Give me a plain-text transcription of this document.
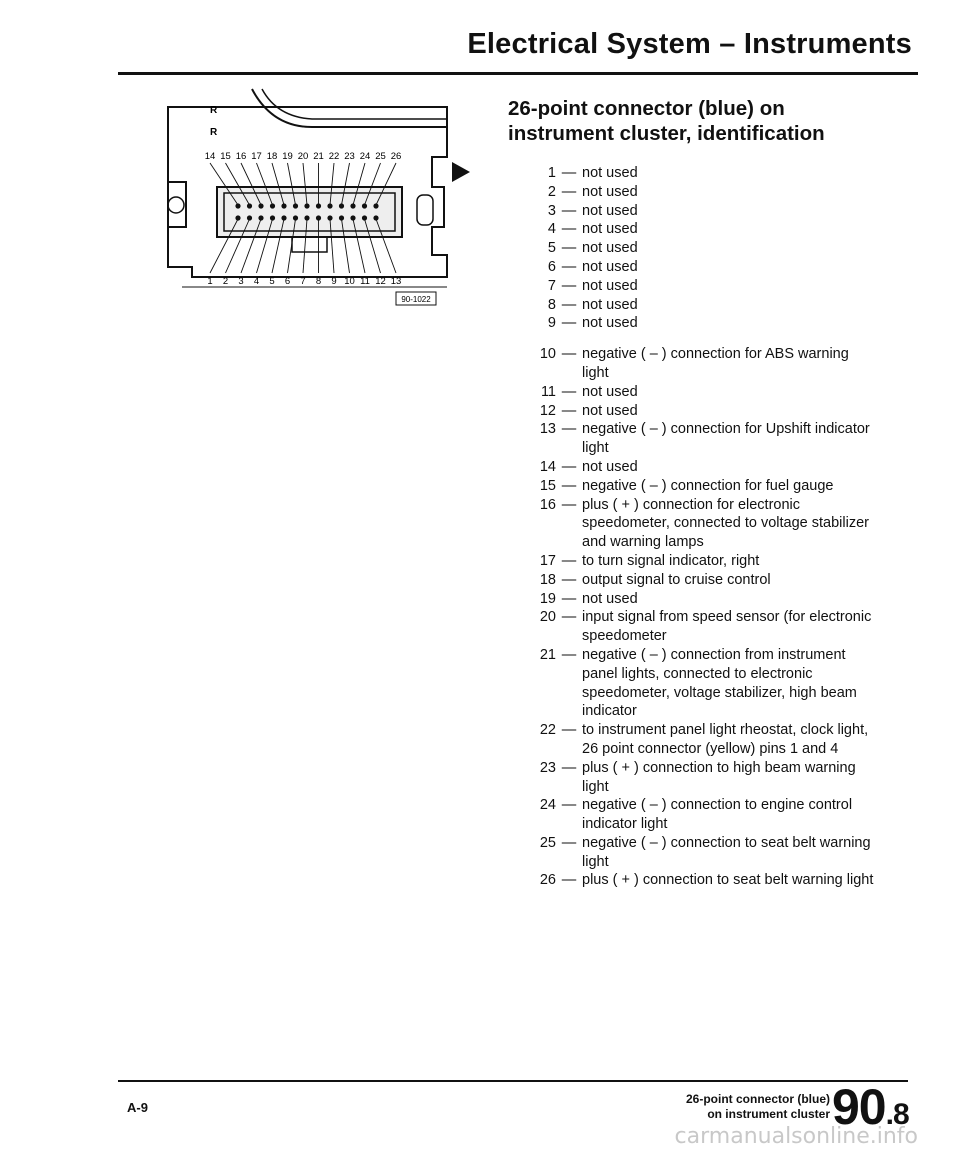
Electrical System – Instruments
R
R
14 15 16 17 18 19 20 21 22 23 24 25 26
1 2 3 4 5 6 7 8 9 10 11 12 13
90-1022
26-point connector (blue) on
instrument cluster, identification
1 — not used
2 — not used
3 — not used
4 — not used
5 — not used
6 — not used
7 — not used
8 — not used
9 — not used
10 — negative ( – ) connection for ABS warning light
11 — not used
12 — not used
13 — negative ( – ) connection for Upshift indicator light
14 — not used
15 — negative ( – ) connection for fuel gauge
16 — plus ( + ) connection for electronic speedometer, connected to voltage stabilizer and warning lamps
17 — to turn signal indicator, right
18 — output signal to cruise control
19 — not used
20 — input signal from speed sensor (for electronic speedometer
21 — negative ( – ) connection from instrument panel lights, connected to electronic speedometer, voltage stabilizer, high beam indicator
22 — to instrument panel light rheostat, clock light, 26 point connector (yellow) pins 1 and 4
23 — plus ( + ) connection to high beam warning light
24 — negative ( – ) connection to engine control indicator light
25 — negative ( – ) connection to seat belt warning light
26 — plus ( + ) connection to seat belt warning light
A-9
26-point connector (blue)
on instrument cluster 90.8
carmanualsonline.info
